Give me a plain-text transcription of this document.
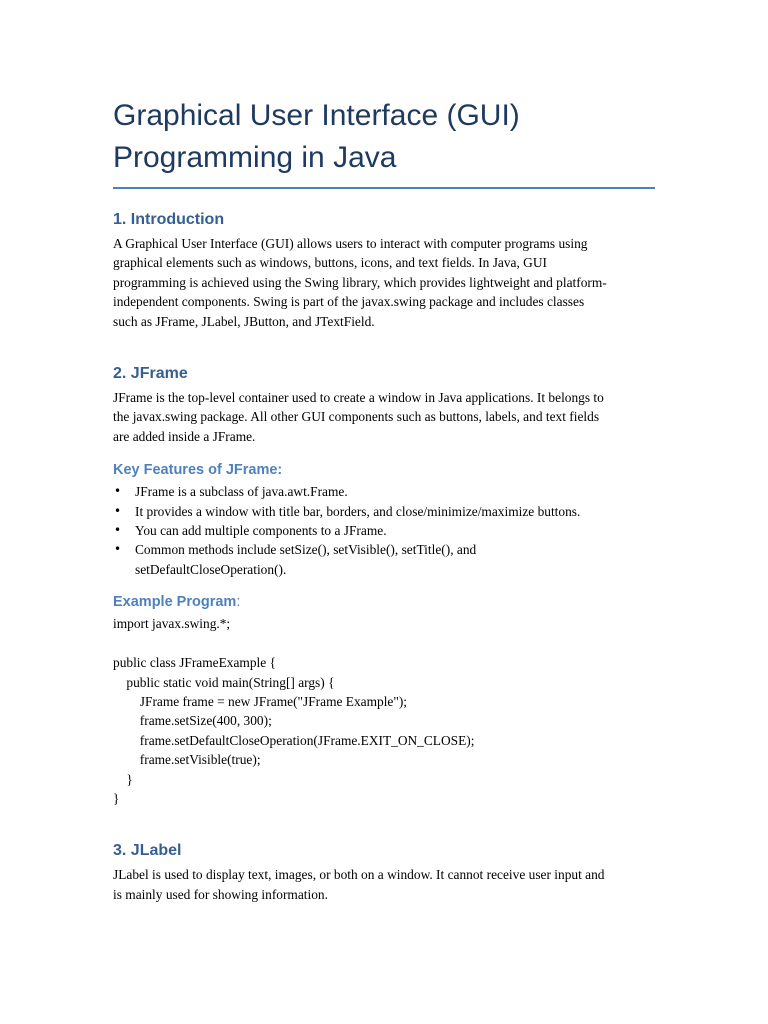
Graphical User Interface (GUI)
Programming in Java
1. Introduction
A Graphical User Interface (GUI) allows users to interact with computer programs using
graphical elements such as windows, buttons, icons, and text fields. In Java, GUI
programming is achieved using the Swing library, which provides lightweight and platform-
independent components. Swing is part of the javax.swing package and includes classes
such as JFrame, JLabel, JButton, and JTextField.
2. JFrame
JFrame is the top-level container used to create a window in Java applications. It belongs to
the javax.swing package. All other GUI components such as buttons, labels, and text fields
are added inside a JFrame.
Key Features of JFrame:
• JFrame is a subclass of java.awt.Frame.
• It provides a window with title bar, borders, and close/minimize/maximize buttons.
• You can add multiple components to a JFrame.
• Common methods include setSize(), setVisible(), setTitle(), and
setDefaultCloseOperation().
Example Program:
import javax.swing.*;
public class JFrameExample {
public static void main(String[] args) {
JFrame frame = new JFrame("JFrame Example");
frame.setSize(400, 300);
frame.setDefaultCloseOperation(JFrame.EXIT_ON_CLOSE);
frame.setVisible(true);
}
}
3. JLabel
JLabel is used to display text, images, or both on a window. It cannot receive user input and
is mainly used for showing information.
